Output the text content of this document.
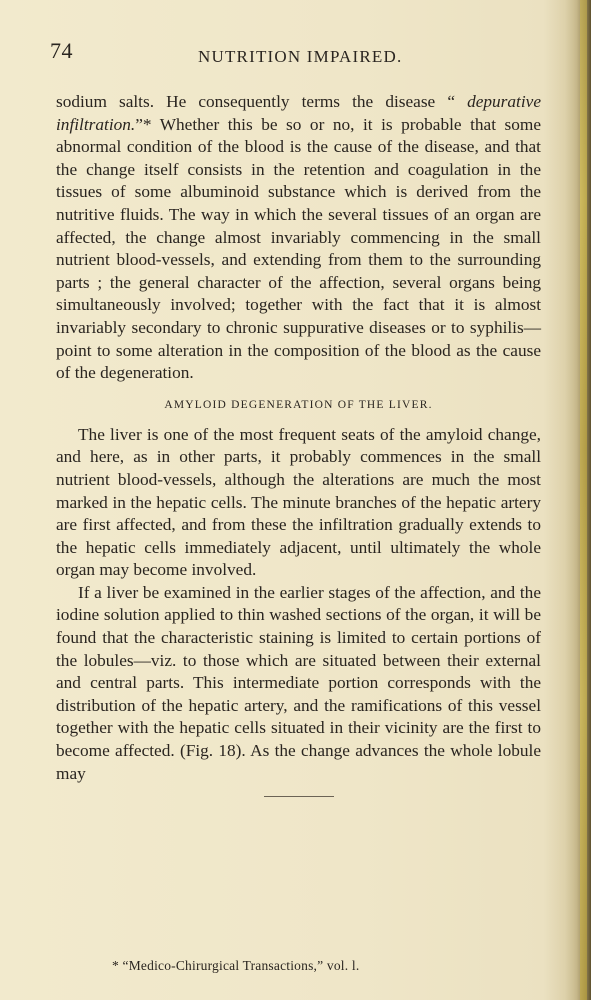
74	NUTRITION IMPAIRED.

sodium salts. He consequently terms the disease “ depurative infiltration.”* Whether this be so or no, it is probable that some abnormal condition of the blood is the cause of the disease, and that the change itself consists in the retention and coagulation in the tissues of some albuminoid substance which is derived from the nutritive fluids. The way in which the several tissues of an organ are affected, the change almost invariably commencing in the small nutrient blood-vessels, and extending from them to the surrounding parts ; the general character of the affection, several organs being simultaneously involved; together with the fact that it is almost invariably secondary to chronic suppurative diseases or to syphilis—point to some alteration in the composition of the blood as the cause of the degeneration.

AMYLOID DEGENERATION OF THE LIVER.

The liver is one of the most frequent seats of the amyloid change, and here, as in other parts, it probably commences in the small nutrient blood-vessels, although the alterations are much the most marked in the hepatic cells. The minute branches of the hepatic artery are first affected, and from these the infiltration gradually extends to the hepatic cells immediately adjacent, until ultimately the whole organ may become involved.

If a liver be examined in the earlier stages of the affection, and the iodine solution applied to thin washed sections of the organ, it will be found that the characteristic staining is limited to certain portions of the lobules—viz. to those which are situated between their external and central parts. This intermediate portion corresponds with the distribution of the hepatic artery, and the ramifications of this vessel together with the hepatic cells situated in their vicinity are the first to become affected. (Fig. 18). As the change advances the whole lobule may

* “Medico-Chirurgical Transactions,” vol. l.
